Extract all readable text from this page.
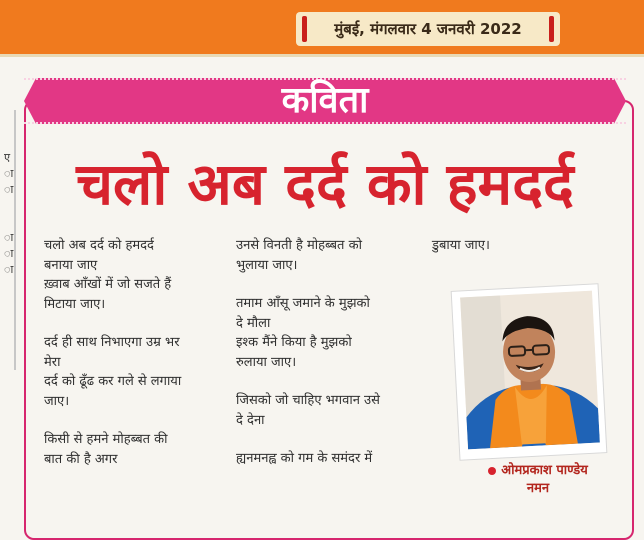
मुंबई, मंगलवार 4 जनवरी 2022
ए
ा
ा

ा
ा
ा
कविता
चलो अब दर्द को हमदर्द
चलो अब दर्द को हमदर्द
बनाया जाए
ख़्वाब आँखों में जो सजते हैं
मिटाया जाए।
दर्द ही साथ निभाएगा उम्र भर
मेरा
दर्द को ढूँढ कर गले से लगाया
जाए।
किसी से हमने मोहब्बत की
बात की है अगर
उनसे विनती है मोहब्बत को
भुलाया जाए।
तमाम आँसू जमाने के मुझको
दे मौला
इश्क मैंने किया है मुझको
रुलाया जाए।
जिसको जो चाहिए भगवान उसे
दे देना
ह्यनमनह्व को गम के समंदर में
डुबाया जाए।
ओमप्रकाश पाण्डेय
नमन
